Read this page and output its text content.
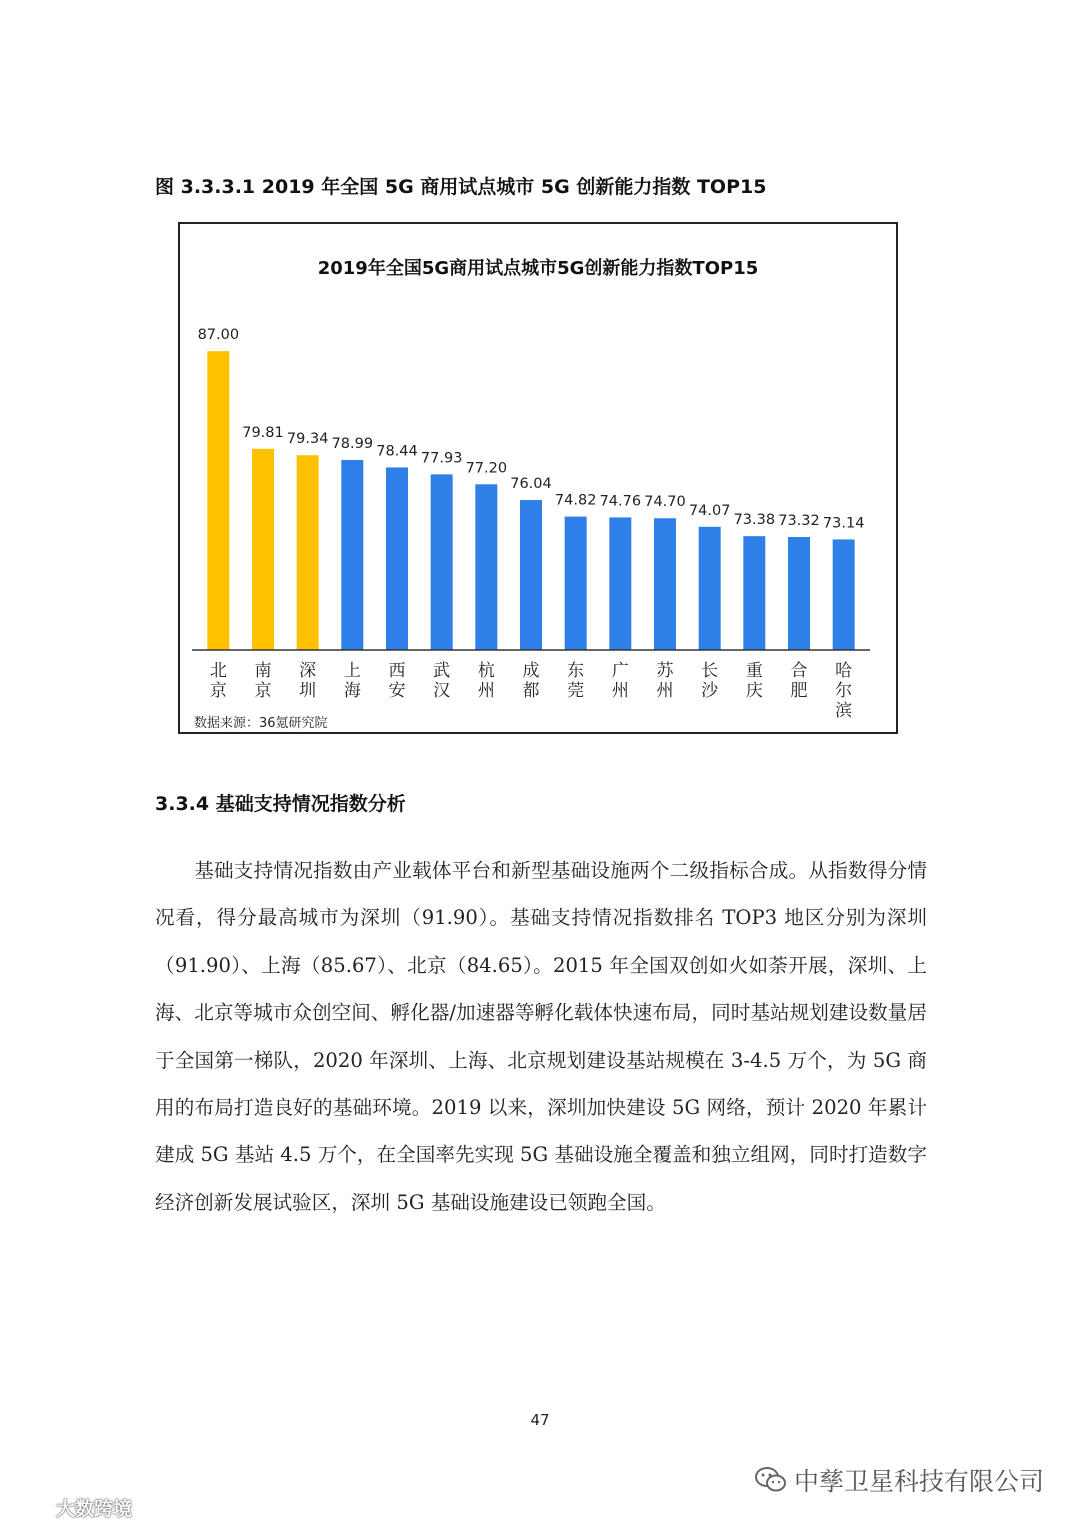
图 3.3.3.1 2019 年全国 5G 商用试点城市 5G 创新能力指数 TOP15
2019年全国5G商用试点城市5G创新能力指数TOP15
87.00
北京
79.81
南京
79.34
深圳
78.99
上海
78.44
西安
77.93
武汉
77.20
杭州
76.04
成都
74.82
东莞
74.76
广州
74.70
苏州
74.07
长沙
73.38
重庆
73.32
合肥
73.14
哈尔滨
数据来源：36氪研究院
3.3.4 基础支持情况指数分析

基础支持情况指数由产业载体平台和新型基础设施两个二级指标合成。从指数得分情况看，得分最高城市为深圳（91.90）。基础支持情况指数排名 TOP3 地区分别为深圳（91.90）、上海（85.67）、北京（84.65）。2015 年全国双创如火如荼开展，深圳、上海、北京等城市众创空间、孵化器/加速器等孵化载体快速布局，同时基站规划建设数量居于全国第一梯队，2020 年深圳、上海、北京规划建设基站规模在 3-4.5 万个，为 5G 商用的布局打造良好的基础环境。2019 以来，深圳加快建设 5G 网络，预计 2020 年累计建成 5G 基站 4.5 万个，在全国率先实现 5G 基础设施全覆盖和独立组网，同时打造数字经济创新发展试验区，深圳 5G 基础设施建设已领跑全国。

47
中孳卫星科技有限公司
大数跨境
